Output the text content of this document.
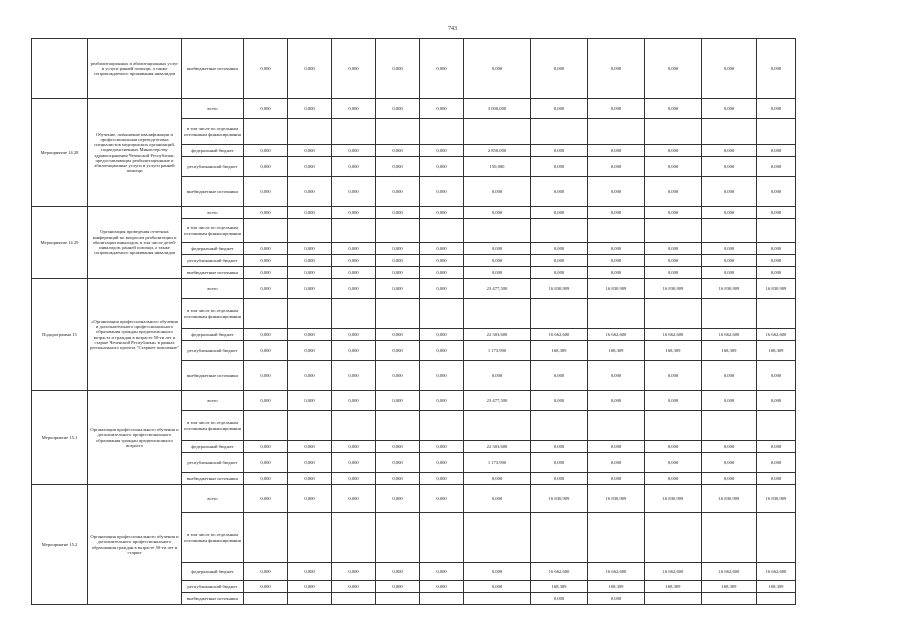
743
	реабилитационных и абилитационных услуг и услуги ранней помощи, а также сопровождаемого проживания инвалидов	внебюджетные источники	0,000	0,000	0,000	0,000	0,000	0,000	0,000	0,000	0,000	0,000	0,000
Мероприятие 14.28	Обучение, повышение квалификации и профессиональная переподготовка специалистов медицинских организаций, подведомственных Министерству здравоохранения Чеченской Республики, предоставляющих реабилитационные и абилитационные услуги и услуги ранней помощи	всего	0,000	0,000	0,000	0,000	0,000	3 000,000	0,000	0,000	0,000	0,000	0,000
		в том числе по отдельным источникам финансирования											
		федеральный бюджет	0,000	0,000	0,000	0,000	0,000	2 850,000	0,000	0,000	0,000	0,000	0,000
		республиканский бюджет	0,000	0,000	0,000	0,000	0,000	150,000	0,000	0,000	0,000	0,000	0,000
		внебюджетные источники	0,000	0,000	0,000	0,000	0,000	0,000	0,000	0,000	0,000	0,000	0,000
Мероприятие 14.29	Организация проведения отчетных конференций по вопросам реабилитации и абилитации инвалидов, в том числе детей-инвалидов, ранней помощи, а также сопровождаемого проживания инвалидов	всего	0,000	0,000	0,000	0,000	0,000	0,000	0,000	0,000	0,000	0,000	0,000
		в том числе по отдельным источникам финансирования											
		федеральный бюджет	0,000	0,000	0,000	0,000	0,000	0,000	0,000	0,000	0,000	0,000	0,000
		республиканский бюджет	0,000	0,000	0,000	0,000	0,000	0,000	0,000	0,000	0,000	0,000	0,000
		внебюджетные источники	0,000	0,000	0,000	0,000	0,000	0,000	0,000	0,000	0,000	0,000	0,000
Подпрограмма 15	«Организация профессионального обучения и дополнительного профессионального образования граждан предпенсионного возраста и граждан в возрасте 50-ти лет и старше Чеченской Республики» в рамках регионального проекта "Старшее поколение"	всего	0,000	0,000	0,000	0,000	0,000	23 477,500	16 830,909	16 830,909	16 830,909	16 830,909	16 830,909
		в том числе по отдельным источникам финансирования											
		федеральный бюджет	0,000	0,000	0,000	0,000	0,000	22 303,600	16 662,600	16 662,600	16 662,600	16 662,600	16 662,600
		республиканский бюджет	0,000	0,000	0,000	0,000	0,000	1 173,900	168,309	168,309	168,309	168,309	168,309
		внебюджетные источники	0,000	0,000	0,000	0,000	0,000	0,000	0,000	0,000	0,000	0,000	0,000
Мероприятие 15.1	Организация профессионального обучения и дополнительного профессионального образования граждан предпенсионного возраста	всего	0,000	0,000	0,000	0,000	0,000	23 477,500	0,000	0,000	0,000	0,000	0,000
		в том числе по отдельным источникам финансирования											
		федеральный бюджет	0,000	0,000	0,000	0,000	0,000	22 303,600	0,000	0,000	0,000	0,000	0,000
		республиканский бюджет	0,000	0,000	0,000	0,000	0,000	1 173,900	0,000	0,000	0,000	0,000	0,000
		внебюджетные источники	0,000	0,000	0,000	0,000	0,000	0,000	0,000	0,000	0,000	0,000	0,000
Мероприятие 15.2	Организация профессионального обучения и дополнительного профессионального образования граждан в возрасте 50-ти лет и старше	всего	0,000	0,000	0,000	0,000	0,000	0,000	16 830,909	16 830,909	16 830,909	16 830,909	16 830,909
		в том числе по отдельным источникам финансирования											
		федеральный бюджет	0,000	0,000	0,000	0,000	0,000	0,000	16 662,600	16 662,600	16 662,600	16 662,600	16 662,600
		республиканский бюджет	0,000	0,000	0,000	0,000	0,000	0,000	168,309	168,309	168,309	168,309	168,309
		внебюджетные источники							0,000	0,000			
